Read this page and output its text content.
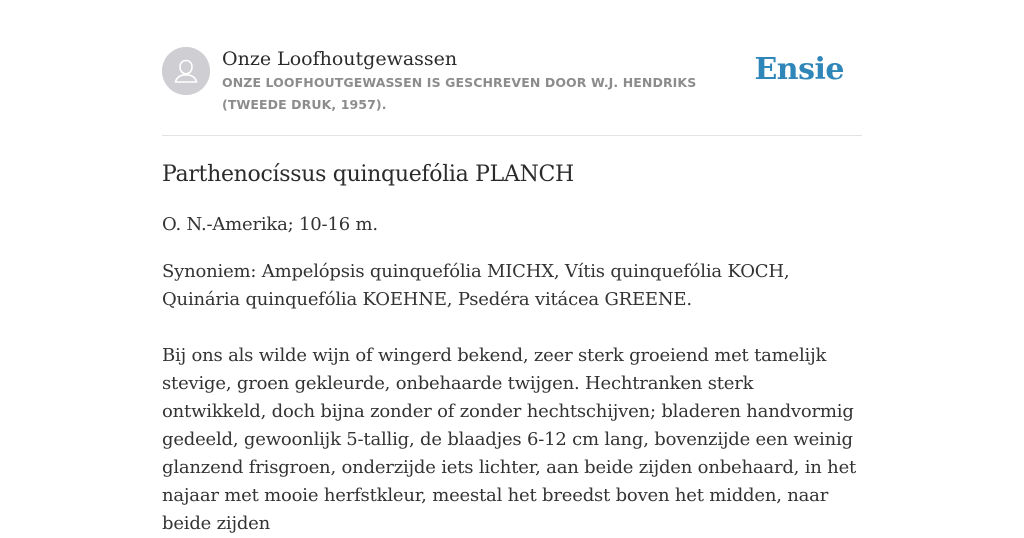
Onze Loofhoutgewassen

ONZE LOOFHOUTGEWASSEN IS GESCHREVEN DOOR W.J. HENDRIKS (TWEEDE DRUK, 1957).

Ensie
Parthenocíssus quinquefólia PLANCH

O. N.-Amerika; 10-16 m.

Synoniem: Ampelópsis quinquefólia MICHX, Vítis quinquefólia KOCH, Quinária quinquefólia KOEHNE, Psedéra vitácea GREENE.

Bij ons als wilde wijn of wingerd bekend, zeer sterk groeiend met tamelijk stevige, groen gekleurde, onbehaarde twijgen. Hechtranken sterk ontwikkeld, doch bijna zonder of zonder hechtschijven; bladeren handvormig gedeeld, gewoonlijk 5-tallig, de blaadjes 6-12 cm lang, bovenzijde een weinig glanzend frisgroen, onderzijde iets lichter, aan beide zijden onbehaard, in het najaar met mooie herfstkleur, meestal het breedst boven het midden, naar beide zijden
